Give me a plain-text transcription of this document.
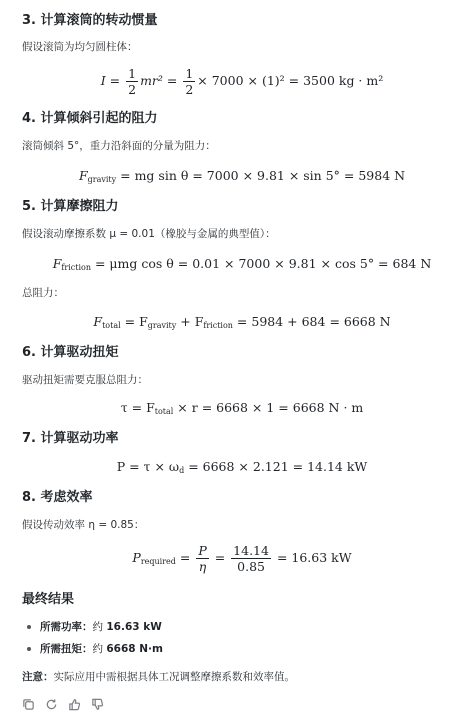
3. 计算滚筒的转动惯量

假设滚筒为均匀圆柱体：

$I = \frac{1}{2} mr^2 = \frac{1}{2} \times 7000 \times (1)^2 = 3500$ kg · m²
4. 计算倾斜引起的阻力

滚筒倾斜 5°，重力沿斜面的分量为阻力：

$F_{gravity}$ = mg sin θ = 7000 × 9.81 × sin 5° = 5984 N
5. 计算摩擦阻力

假设滚动摩擦系数 μ = 0.01（橡胶与金属的典型值）：

$F_{friction} = \mu mg$ cos θ = 0.01 × 7000 × 9.81 × cos 5° = 684 N

总阻力：

$F_{total} = F_{gravity} + F_{friction} = 5984 + 684 = 6668$ N
6. 计算驱动扭矩

驱动扭矩需要克服总阻力：

$\tau = F_{total} \times r = 6668 \times 1 = 6668$ N · m
7. 计算驱动功率
$P = \tau \times \omega_d = 6668 \times 2.121 = 14.14$ kW
8. 考虑效率

假设传动效率 η = 0.85：

$P_{required} = \frac{P}{\eta} = \frac{14.14}{0.85} = 16.63$ kW
最终结果
所需功率：约 16.63 kW
所需扭矩：约 6668 N·m

注意：实际应用中需根据具体工况调整摩擦系数和效率值。
